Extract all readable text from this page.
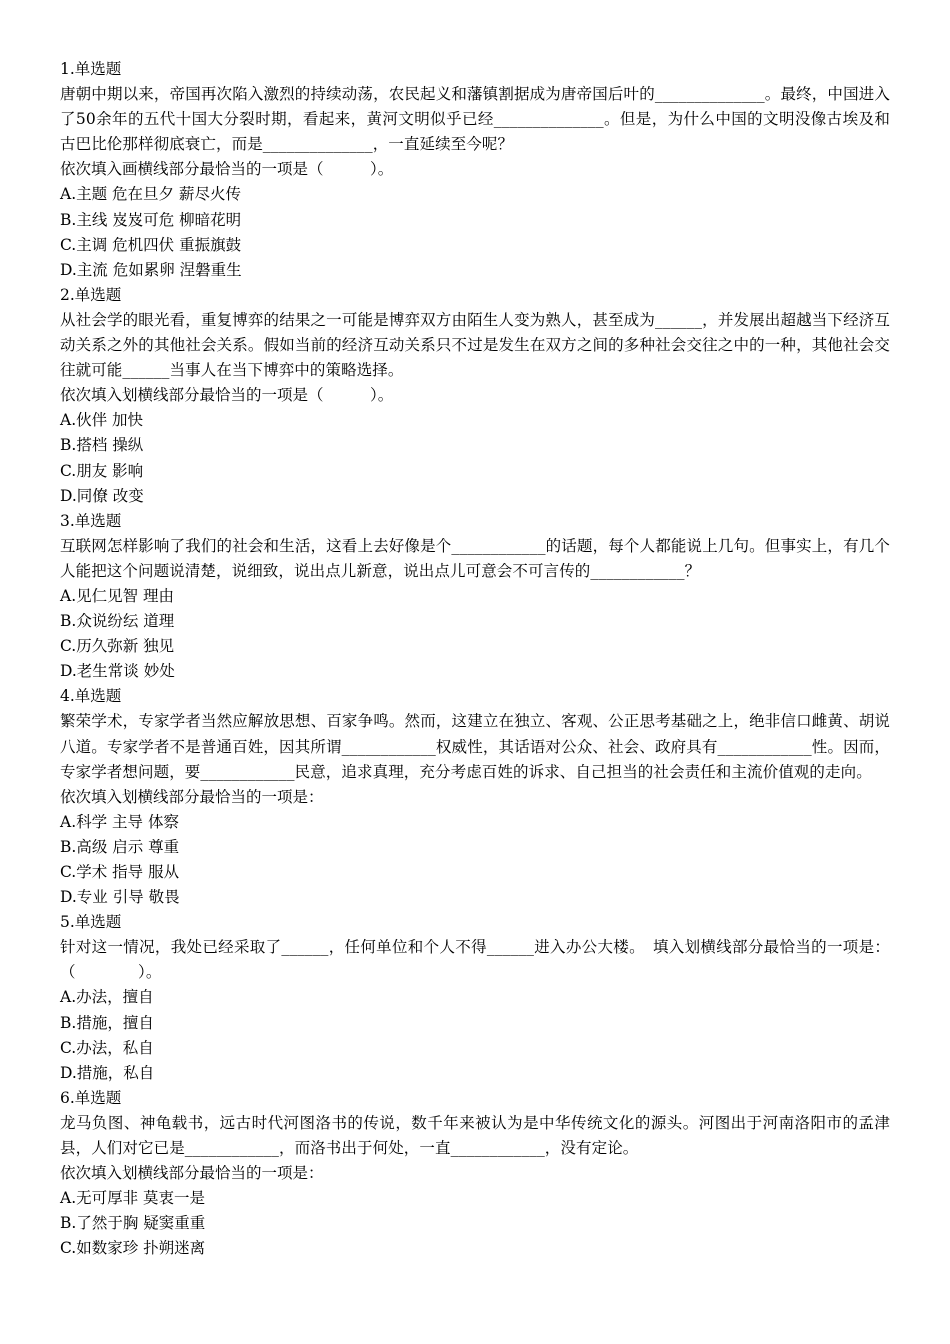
1.单选题

唐朝中期以来，帝国再次陷入激烈的持续动荡，农民起义和藩镇割据成为唐帝国后叶的______________。最终，中国进入了50余年的五代十国大分裂时期，看起来，黄河文明似乎已经______________。但是，为什么中国的文明没像古埃及和古巴比伦那样彻底衰亡，而是______________，一直延续至今呢？

依次填入画横线部分最恰当的一项是（　　　）。

A.主题 危在旦夕 薪尽火传

B.主线 岌岌可危 柳暗花明

C.主调 危机四伏 重振旗鼓

D.主流 危如累卵 涅磐重生

2.单选题

从社会学的眼光看，重复博弈的结果之一可能是博弈双方由陌生人变为熟人，甚至成为______，并发展出超越当下经济互动关系之外的其他社会关系。假如当前的经济互动关系只不过是发生在双方之间的多种社会交往之中的一种，其他社会交往就可能______当事人在当下博弈中的策略选择。

依次填入划横线部分最恰当的一项是（　　　）。

A.伙伴 加快

B.搭档 操纵

C.朋友 影响

D.同僚 改变

3.单选题

互联网怎样影响了我们的社会和生活，这看上去好像是个____________的话题，每个人都能说上几句。但事实上，有几个人能把这个问题说清楚，说细致，说出点儿新意，说出点儿可意会不可言传的____________？

A.见仁见智 理由

B.众说纷纭 道理

C.历久弥新 独见

D.老生常谈 妙处

4.单选题

繁荣学术，专家学者当然应解放思想、百家争鸣。然而，这建立在独立、客观、公正思考基础之上，绝非信口雌黄、胡说八道。专家学者不是普通百姓，因其所谓____________权威性，其话语对公众、社会、政府具有____________性。因而，专家学者想问题，要____________民意，追求真理，充分考虑百姓的诉求、自己担当的社会责任和主流价值观的走向。

依次填入划横线部分最恰当的一项是：

A.科学 主导 体察

B.高级 启示 尊重

C.学术 指导 服从

D.专业 引导 敬畏

5.单选题

针对这一情况，我处已经采取了______，任何单位和个人不得______进入办公大楼。　填入划横线部分最恰当的一项是：（　　　　）。

A.办法，擅自

B.措施，擅自

C.办法，私自

D.措施，私自

6.单选题

龙马负图、神龟载书，远古时代河图洛书的传说，数千年来被认为是中华传统文化的源头。河图出于河南洛阳市的孟津县，人们对它已是____________，而洛书出于何处，一直____________，没有定论。

依次填入划横线部分最恰当的一项是：

A.无可厚非 莫衷一是

B.了然于胸 疑窦重重

C.如数家珍 扑朔迷离
